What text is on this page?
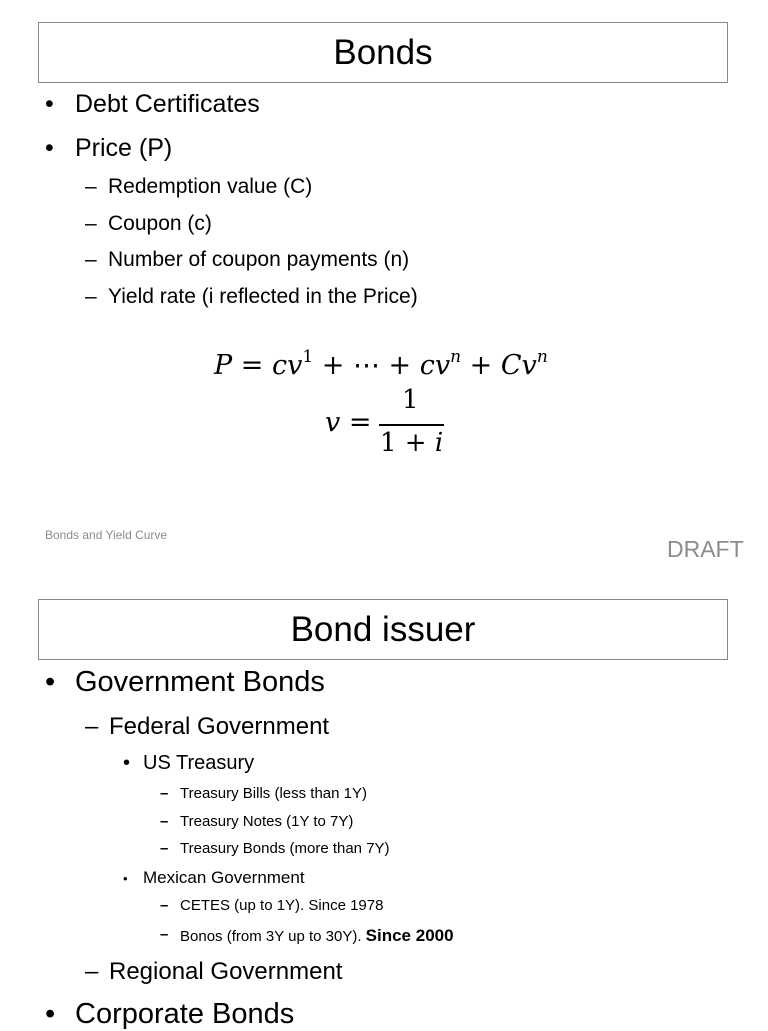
Bonds
• Debt Certificates
• Price (P)
– Redemption value (C)
– Coupon (c)
– Number of coupon payments (n)
– Yield rate (i reflected in the Price)
$P = cv^1$ + ⋯ + $cv^n + Cv^n$
v =
1
1 + i
Bonds and Yield Curve
DRAFT
Bond issuer
• Government Bonds
– Federal Government
• US Treasury
– Treasury Bills (less than 1Y)
– Treasury Notes (1Y to 7Y)
– Treasury Bonds (more than 7Y)
• Mexican Government
– CETES (up to 1Y). Since 1978
– Bonos (from 3Y up to 30Y). Since 2000
– Regional Government
• Corporate Bonds
